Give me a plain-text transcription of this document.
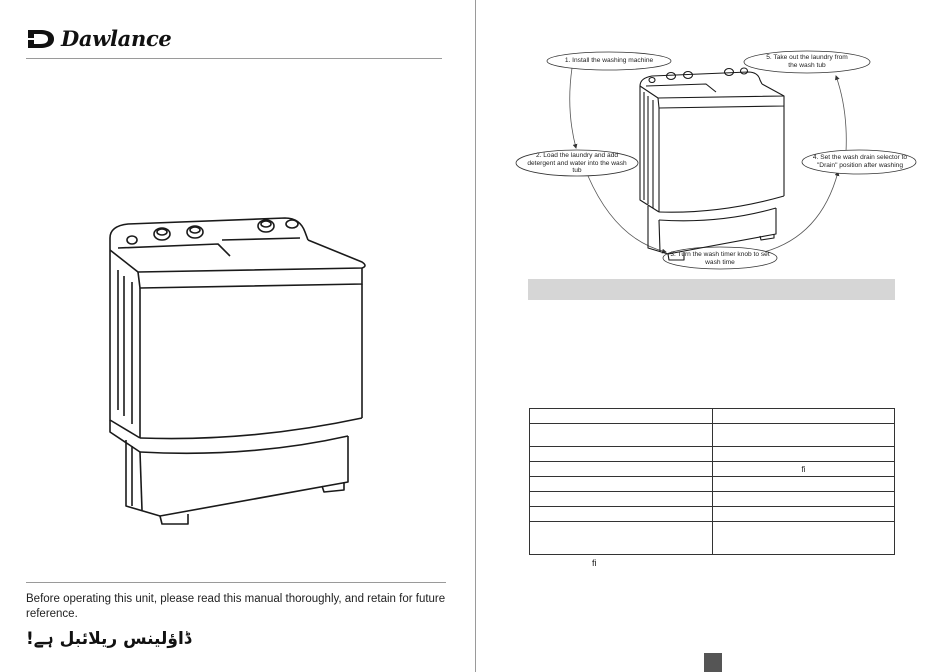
Dawlance
Before operating this unit, please read this manual thoroughly, and retain for future reference.
ڈاؤلینس ریلائبل ہے!
1. Install the washing machine
2. Load the laundry and add detergent and water into the wash tub
3. Turn the wash timer knob to set wash time
4. Set the wash drain selector to "Drain" position after washing
5. Take out the laundry from the wash tub

	fi

fi
